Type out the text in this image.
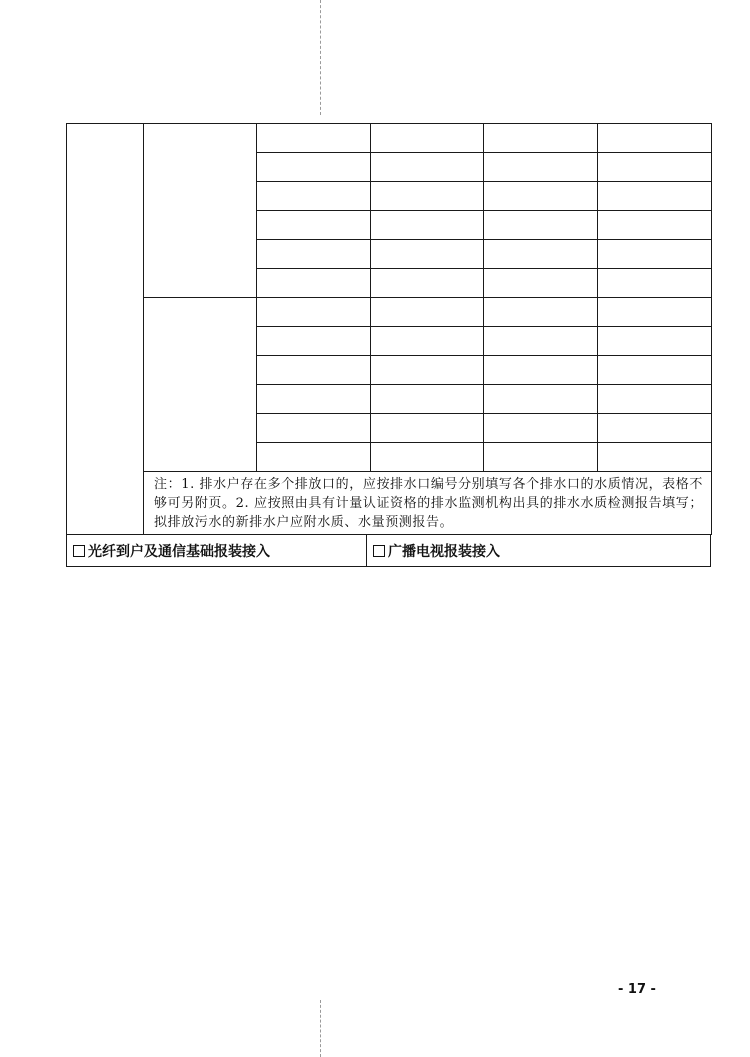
	注：1. 排水户存在多个排放口的，应按排水口编号分别填写各个排水口的水质情况，表格不够可另附页。2. 应按照由具有计量认证资格的排水监测机构出具的排水水质检测报告填写；拟排放污水的新排水户应附水质、水量预测报告。				
光纤到户及通信基础报装接入	广播电视报装接入
- 17 -
